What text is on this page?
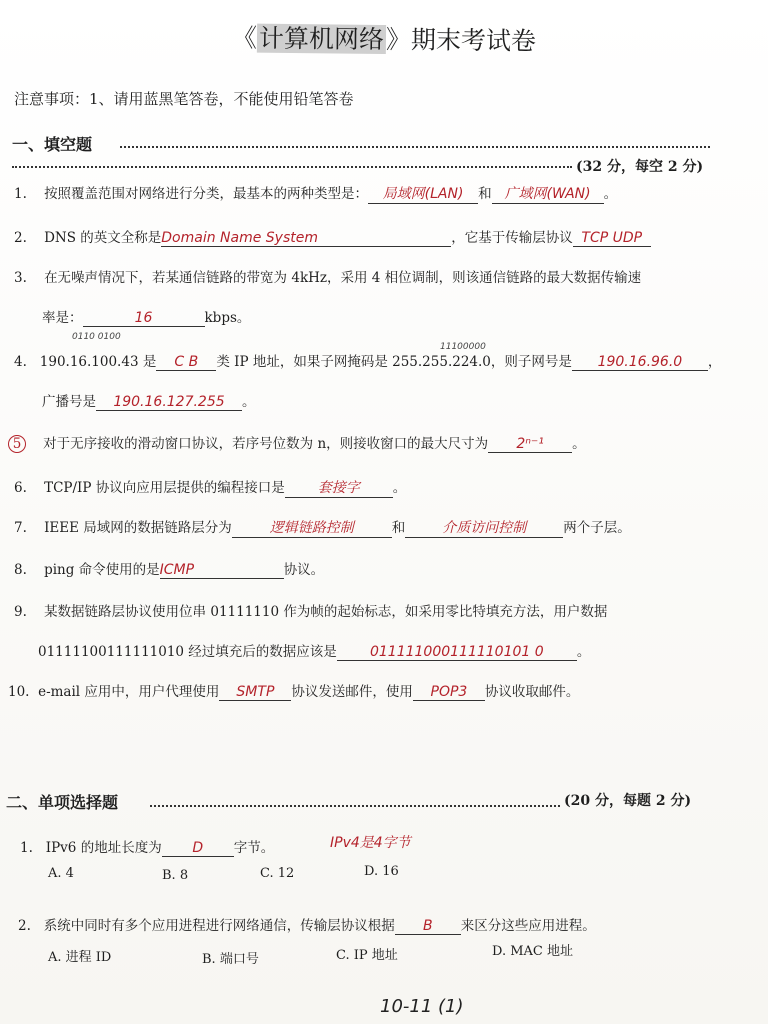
《计算机网络》期末考试卷
注意事项：1、请用蓝黑笔答卷，不能使用铅笔答卷
一、填空题
(32 分，每空 2 分)
1. 按照覆盖范围对网络进行分类，最基本的两种类型是： 局域网(LAN) 和 广域网(WAN) 。
2. DNS 的英文全称是Domain Name System	，它基于传输层协议 TCP UDP
3. 在无噪声情况下，若某通信链路的带宽为 4kHz，采用 4 相位调制，则该通信链路的最大数据传输速
率是：	16	kbps。
0110 0100
11100000
4. 190.16.100.43 是 C B 类 IP 地址，如果子网掩码是 255.255.224.0，则子网号是 190.16.96.0 ，
广播号是 190.16.127.255 。
5 对于无序接收的滑动窗口协议，若序号位数为 n，则接收窗口的最大尺寸为 2ⁿ⁻¹ 。
6. TCP/IP 协议向应用层提供的编程接口是 套接字 。
7. IEEE 局域网的数据链路层分为	逻辑链路控制	和	介质访问控制	两个子层。
8. ping 命令使用的是ICMP	协议。
9. 某数据链路层协议使用位串 01111110 作为帧的起始标志，如采用零比特填充方法，用户数据
01111100111111010 经过填充后的数据应该是 011111000111110101 0 。
10. e-mail 应用中，用户代理使用 SMTP 协议发送邮件，使用 POP3 协议收取邮件。
二、单项选择题	(20 分，每题 2 分)
1. IPv6 的地址长度为 D 字节。	IPv4是4字节
A. 4	B. 8	C. 12	D. 16
2. 系统中同时有多个应用进程进行网络通信，传输层协议根据 B 来区分这些应用进程。
A. 进程 ID	B. 端口号	C. IP 地址	D. MAC 地址
10-11 (1)
